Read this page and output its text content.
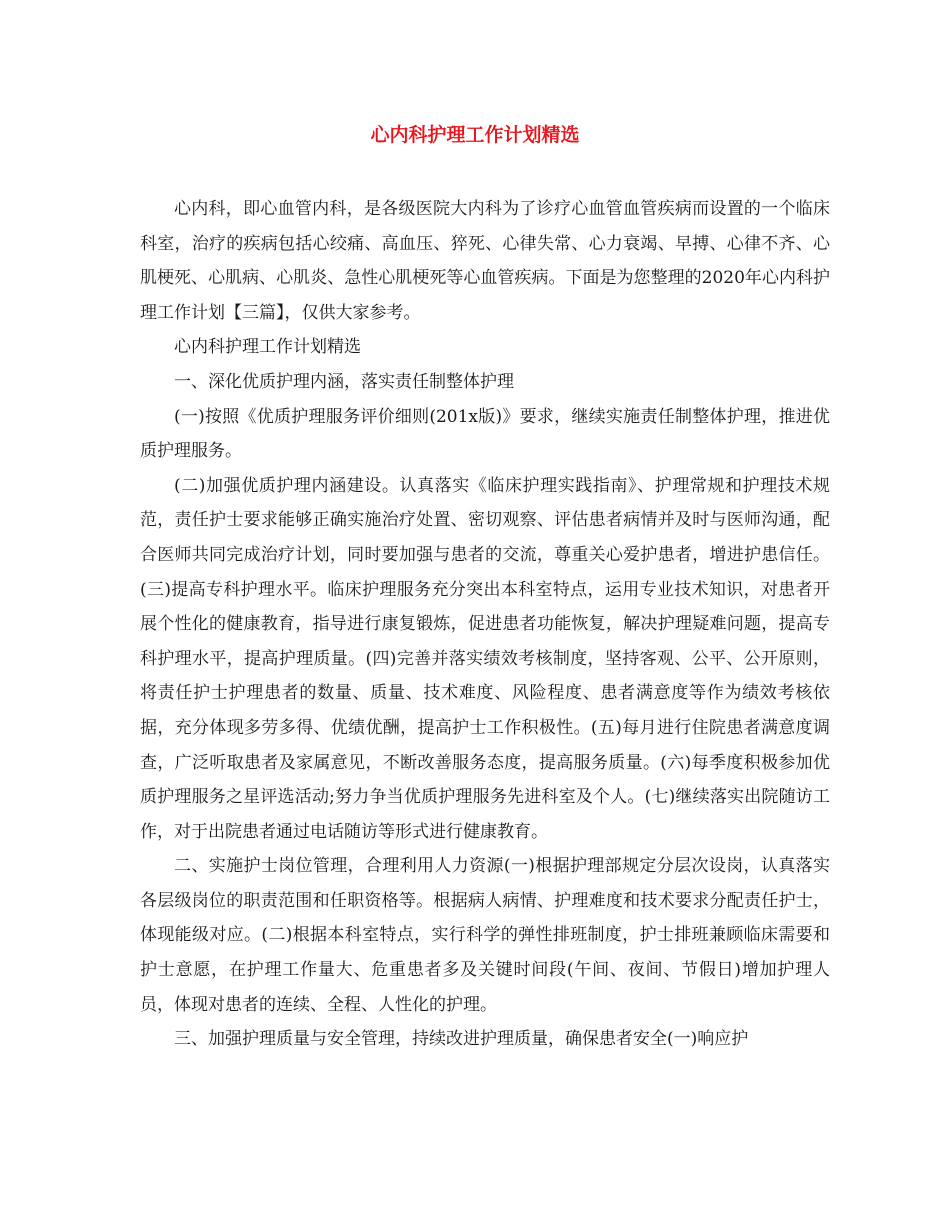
心内科护理工作计划精选

心内科，即心血管内科，是各级医院大内科为了诊疗心血管血管疾病而设置的一个临床科室，治疗的疾病包括心绞痛、高血压、猝死、心律失常、心力衰竭、早搏、心律不齐、心肌梗死、心肌病、心肌炎、急性心肌梗死等心血管疾病。下面是为您整理的2020年心内科护理工作计划【三篇】，仅供大家参考。

心内科护理工作计划精选

一、深化优质护理内涵，落实责任制整体护理

(一)按照《优质护理服务评价细则(201x版)》要求，继续实施责任制整体护理，推进优质护理服务。

(二)加强优质护理内涵建设。认真落实《临床护理实践指南》、护理常规和护理技术规范，责任护士要求能够正确实施治疗处置、密切观察、评估患者病情并及时与医师沟通，配合医师共同完成治疗计划，同时要加强与患者的交流，尊重关心爱护患者，增进护患信任。(三)提高专科护理水平。临床护理服务充分突出本科室特点，运用专业技术知识，对患者开展个性化的健康教育，指导进行康复锻炼，促进患者功能恢复，解决护理疑难问题，提高专科护理水平，提高护理质量。(四)完善并落实绩效考核制度，坚持客观、公平、公开原则，将责任护士护理患者的数量、质量、技术难度、风险程度、患者满意度等作为绩效考核依据，充分体现多劳多得、优绩优酬，提高护士工作积极性。(五)每月进行住院患者满意度调查，广泛听取患者及家属意见，不断改善服务态度，提高服务质量。(六)每季度积极参加优质护理服务之星评选活动;努力争当优质护理服务先进科室及个人。(七)继续落实出院随访工作，对于出院患者通过电话随访等形式进行健康教育。

二、实施护士岗位管理，合理利用人力资源(一)根据护理部规定分层次设岗，认真落实各层级岗位的职责范围和任职资格等。根据病人病情、护理难度和技术要求分配责任护士，体现能级对应。(二)根据本科室特点，实行科学的弹性排班制度，护士排班兼顾临床需要和护士意愿，在护理工作量大、危重患者多及关键时间段(午间、夜间、节假日)增加护理人员，体现对患者的连续、全程、人性化的护理。

三、加强护理质量与安全管理，持续改进护理质量，确保患者安全(一)响应护
